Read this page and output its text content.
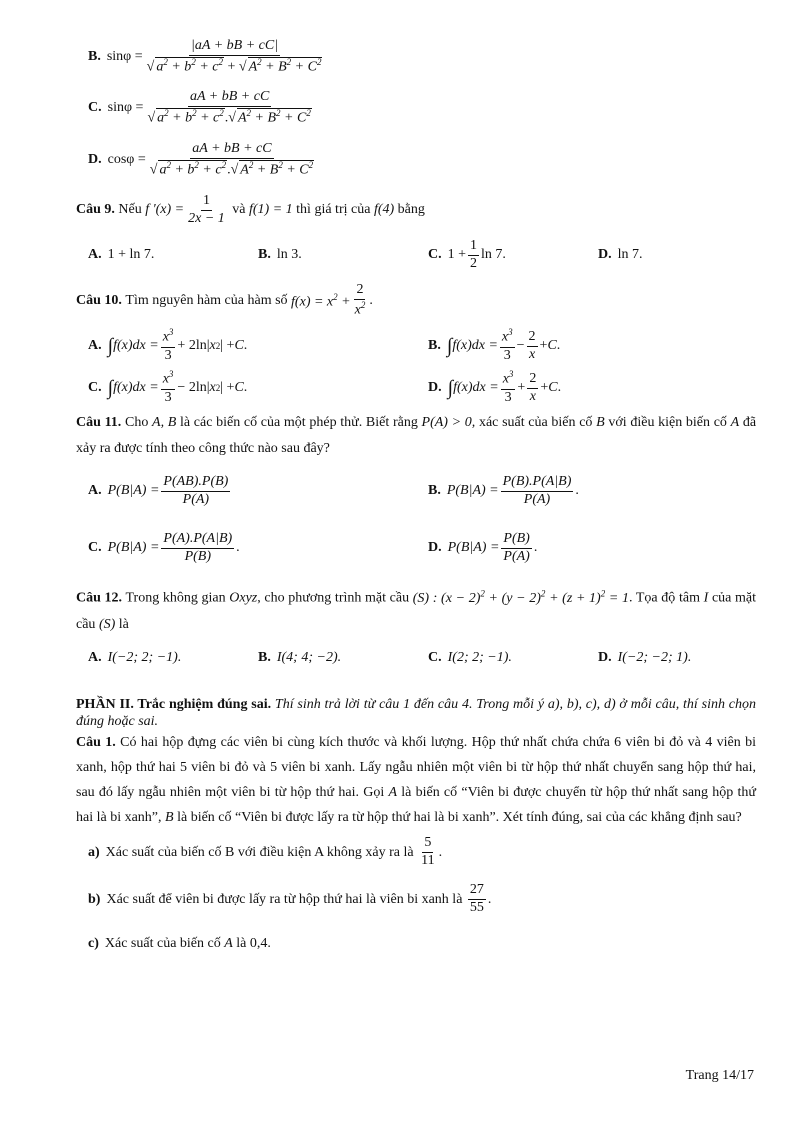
B. $\sin\varphi = \frac{|aA + bB + cC|}{√ a^2 + b^2 + c^2 + √ A^2 + B^2 + C^2}$
C. $\sin\varphi = \frac{aA + bB + cC}{√ a^2 + b^2 + c^2.√ A^2 + B^2 + C^2}$
D. $\cos\varphi = \frac{aA + bB + cC}{√ a^2 + b^2 + c^2.√ A^2 + B^2 + C^2}$
Câu 9.
Nếu
f '$(x) = \frac{1}{2x - 1}$
và
f(1) = 1
thì giá trị của
f(4)
bằng
A. 1 + ln 7.	B. ln 3.	C. $1 + \frac{1}{2}$ ln 7.	D. ln 7.
Câu 10.
Tìm nguyên hàm của hàm số
$f(x) = x^2 + \frac{2}{x^2}$ .
A. ∫ $f(x)dx = \frac{x^3}{3} + 2\ln|$ x 2 | + C .	B. ∫ $f(x)dx = \frac{x^3}{3} - \frac{2}{x} + C$ .
C. ∫ $f(x)dx = \frac{x^3}{3} - 2\ln|$ x 2 | + C .	D. ∫ $f(x)dx = \frac{x^3}{3} + \frac{2}{x} + C$ .

Câu 11. Cho A, B là các biến cố của một phép thử. Biết rằng P(A) > 0, xác suất của biến cố B với điều kiện biến cố A đã xảy ra được tính theo công thức nào sau đây?

A. $P(B|A) = \frac{P(AB).P(B)}{P(A)}$	B. $P(B|A) = \frac{P(B).P(A|B)}{P(A)}$ .
C. $P(B|A) = \frac{P(A).P(A|B)}{P(B)}$ .	D. $P(B|A) = \frac{P(B)}{P(A)}$ .

Câu 12. Trong không gian Oxyz, cho phương trình mặt cầu (S) : $(x - 2)^2 + (y - 2)^2 + (z + 1)^2 = 1$. Tọa độ tâm I của mặt cầu (S) là

A. I(−2; 2; −1).	B. I(4; 4; −2).	C. I(2; 2; −1).	D. I(−2; −2; 1).

PHẦN II. Trắc nghiệm đúng sai. Thí sinh trả lời từ câu 1 đến câu 4. Trong mỗi ý a), b), c), d) ở mỗi câu, thí sinh chọn đúng hoặc sai.

Câu 1. Có hai hộp đựng các viên bi cùng kích thước và khối lượng. Hộp thứ nhất chứa chứa 6 viên bi đỏ và 4 viên bi xanh, hộp thứ hai 5 viên bi đỏ và 5 viên bi xanh. Lấy ngẫu nhiên một viên bi từ hộp thứ nhất chuyển sang hộp thứ hai, sau đó lấy ngẫu nhiên một viên bi từ hộp thứ hai. Gọi A là biến cố “Viên bi được chuyển từ hộp thứ nhất sang hộp thứ hai là bi xanh”, B là biến cố “Viên bi được lấy ra từ hộp thứ hai là bi xanh”. Xét tính đúng, sai của các khẳng định sau?

a) Xác suất của biến cố B với điều kiện A không xảy ra là
$\frac{5}{11}$ .
b) Xác suất để viên bi được lấy ra từ hộp thứ hai là viên bi xanh là
$\frac{27}{55}$ .
c) Xác suất của biến cố
A là 0,4 .
Trang 14/17
